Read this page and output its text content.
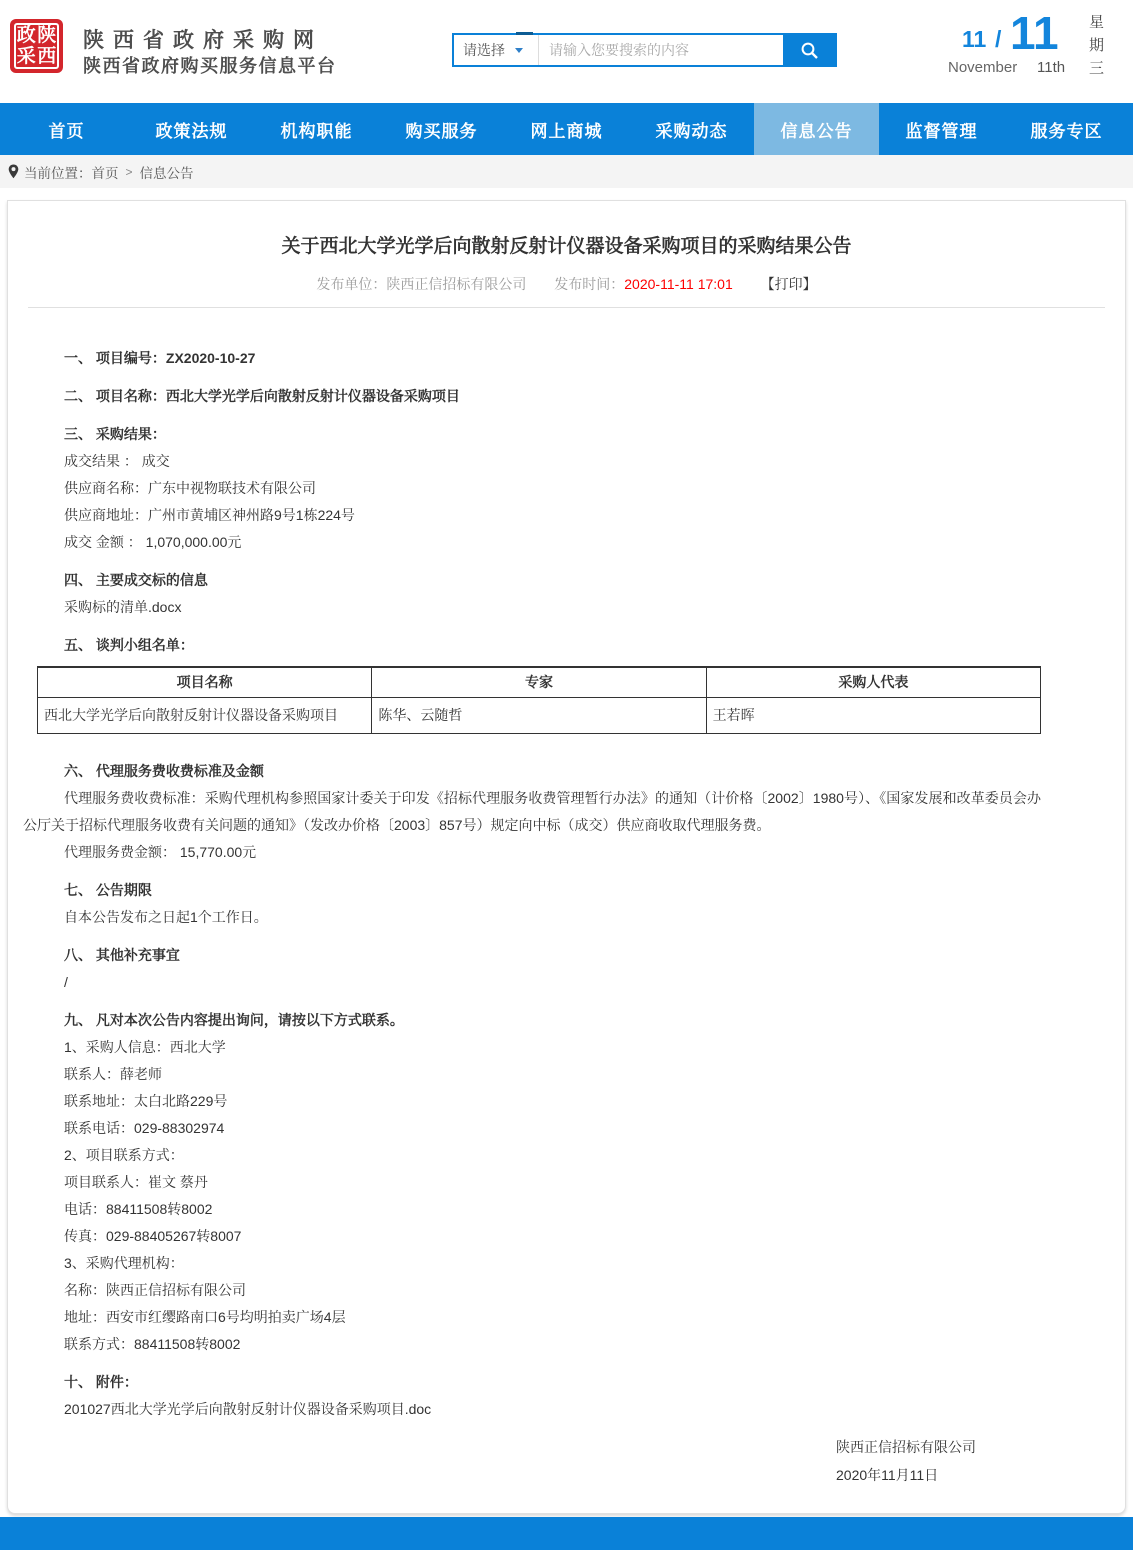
政 陕
采 西
陕西省政府采购网
陕西省政府购买服务信息平台
请选择
请输入您要搜索的内容	11 / 11
November 11th
星
期
三
首页	政策法规	机构职能	购买服务	网上商城	采购动态	信息公告	监督管理	服务专区
当前位置： 首页 > 信息公告
关于西北大学光学后向散射反射计仪器设备采购项目的采购结果公告
发布单位：陕西正信招标有限公司 发布时间：2020-11-11 17:01 【打印】

一、 项目编号：ZX2020-10-27

二、 项目名称：西北大学光学后向散射反射计仪器设备采购项目

三、 采购结果：

成交结果 ： 成交

供应商名称：广东中视物联技术有限公司

供应商地址：广州市黄埔区神州路9号1栋224号

成交 金额 ： 1,070,000.00元

四、 主要成交标的信息

采购标的清单.docx

五、 谈判小组名单：

项目名称	专家	采购人代表
西北大学光学后向散射反射计仪器设备采购项目	陈华、云随哲	王若晖

六、 代理服务费收费标准及金额

代理服务费收费标准：采购代理机构参照国家计委关于印发《招标代理服务收费管理暂行办法》的通知（计价格〔2002〕1980号）、《国家发展和改革委员会办公厅关于招标代理服务收费有关问题的通知》（发改办价格〔2003〕857号）规定向中标（成交）供应商收取代理服务费。

代理服务费金额： 15,770.00元

七、 公告期限

自本公告发布之日起1个工作日。

八、 其他补充事宜

/

九、 凡对本次公告内容提出询问，请按以下方式联系。

1、采购人信息：西北大学

联系人：薛老师

联系地址：太白北路229号

联系电话：029-88302974

2、项目联系方式：

项目联系人：崔文 蔡丹

电话：88411508转8002

传真：029-88405267转8007

3、采购代理机构：

名称：陕西正信招标有限公司

地址：西安市红缨路南口6号均明拍卖广场4层

联系方式：88411508转8002

十、 附件：

201027西北大学光学后向散射反射计仪器设备采购项目.doc

陕西正信招标有限公司
2020年11月11日
